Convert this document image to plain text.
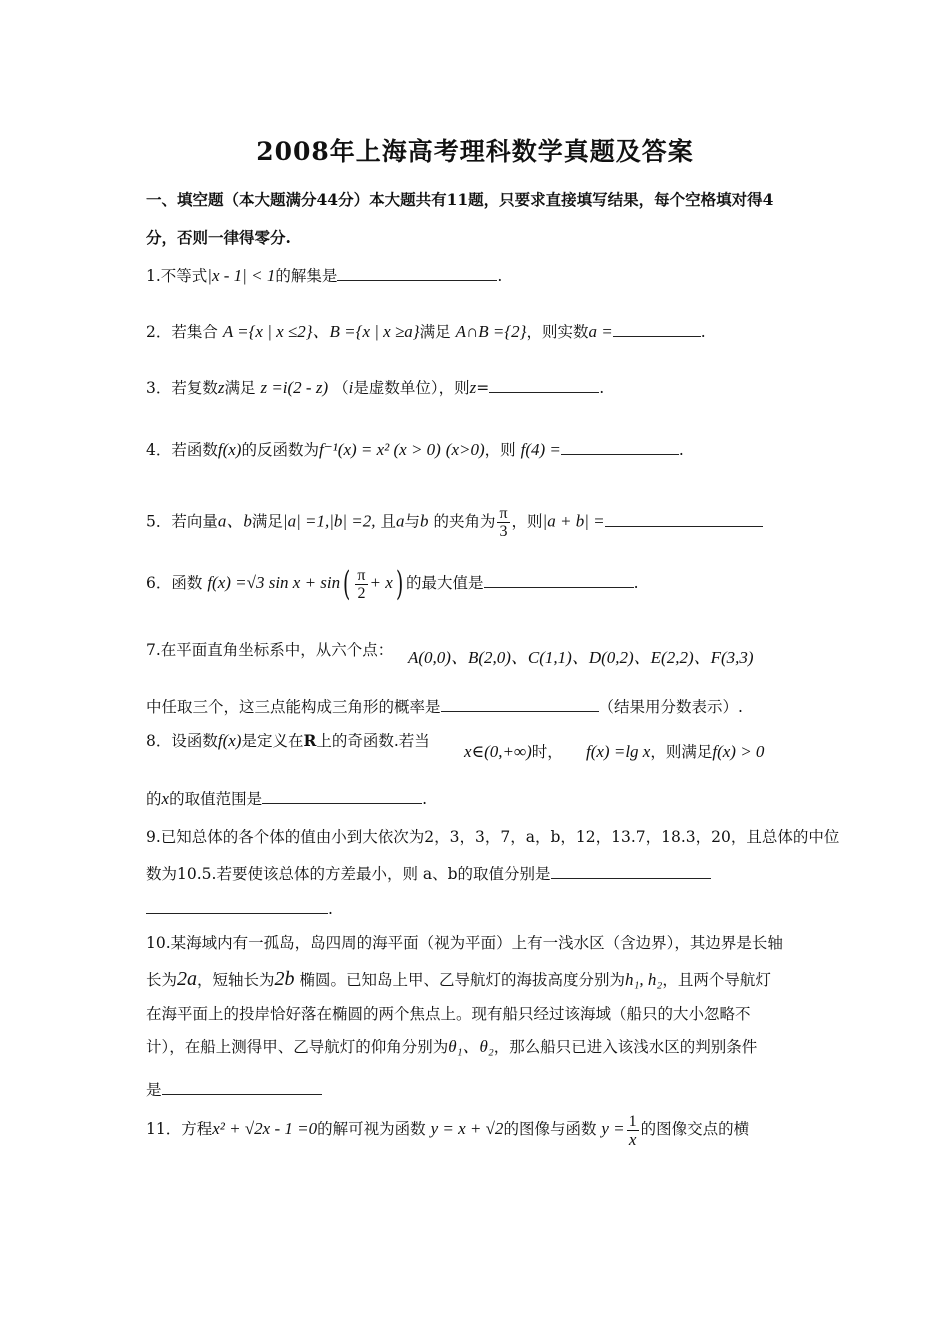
2008年上海高考理科数学真题及答案
一、填空题（本大题满分44分）本大题共有11题，只要求直接填写结果，每个空格填对得4
分，否则一律得零分.
1.不等式|x - 1| < 1的解集是	.
2．若集合 A ={x | x ≤2}、B ={x | x ≥a}满足 A∩B ={2}，则实数a =	.
3．若复数z满足 z =i(2 - z) （i是虚数单位），则z=	.
4．若函数f(x)的反函数为f⁻¹(x) = x² (x > 0) (x>0)，则 f(4) =	.
5．若向量a、b满足|a| =1,|b| =2, 且a与b 的夹角为 $\frac{\pi}{3}$ ，则|a + b| =
6．函数 f(x) =√3 $\sin x + \sin( \frac{\pi}{2} + x)$ 的最大值是	.
7.在平面直角坐标系中，从六个点： A(0,0)、B(2,0)、C(1,1)、D(0,2)、E(2,2)、F(3,3)
中任取三个，这三点能构成三角形的概率是	（结果用分数表示）.
8．设函数f(x)是定义在R上的奇函数.若当
x∈(0,+∞)时， f(x) =lg x，则满足f(x) > 0
的x的取值范围是	.
9.已知总体的各个体的值由小到大依次为2，3，3，7，a，b，12，13.7，18.3，20，且总体的中位
数为10.5.若要使该总体的方差最小，则 a、b的取值分别是
.
10.某海域内有一孤岛，岛四周的海平面（视为平面）上有一浅水区（含边界），其边界是长轴
长为2a，短轴长为2b 椭圆。已知岛上甲、乙导航灯的海拔高度分别为h₁, h₂，且两个导航灯
在海平面上的投岸恰好落在椭圆的两个焦点上。现有船只经过该海域（船只的大小忽略不
计），在船上测得甲、乙导航灯的仰角分别为θ₁、θ₂，那么船只已进入该浅水区的判别条件
是
11．方程x² + √2x - 1 =0的解可视为函数 y = x + √2的图像与函数 $y = \frac{1}{x}$ 的图像交点的横
